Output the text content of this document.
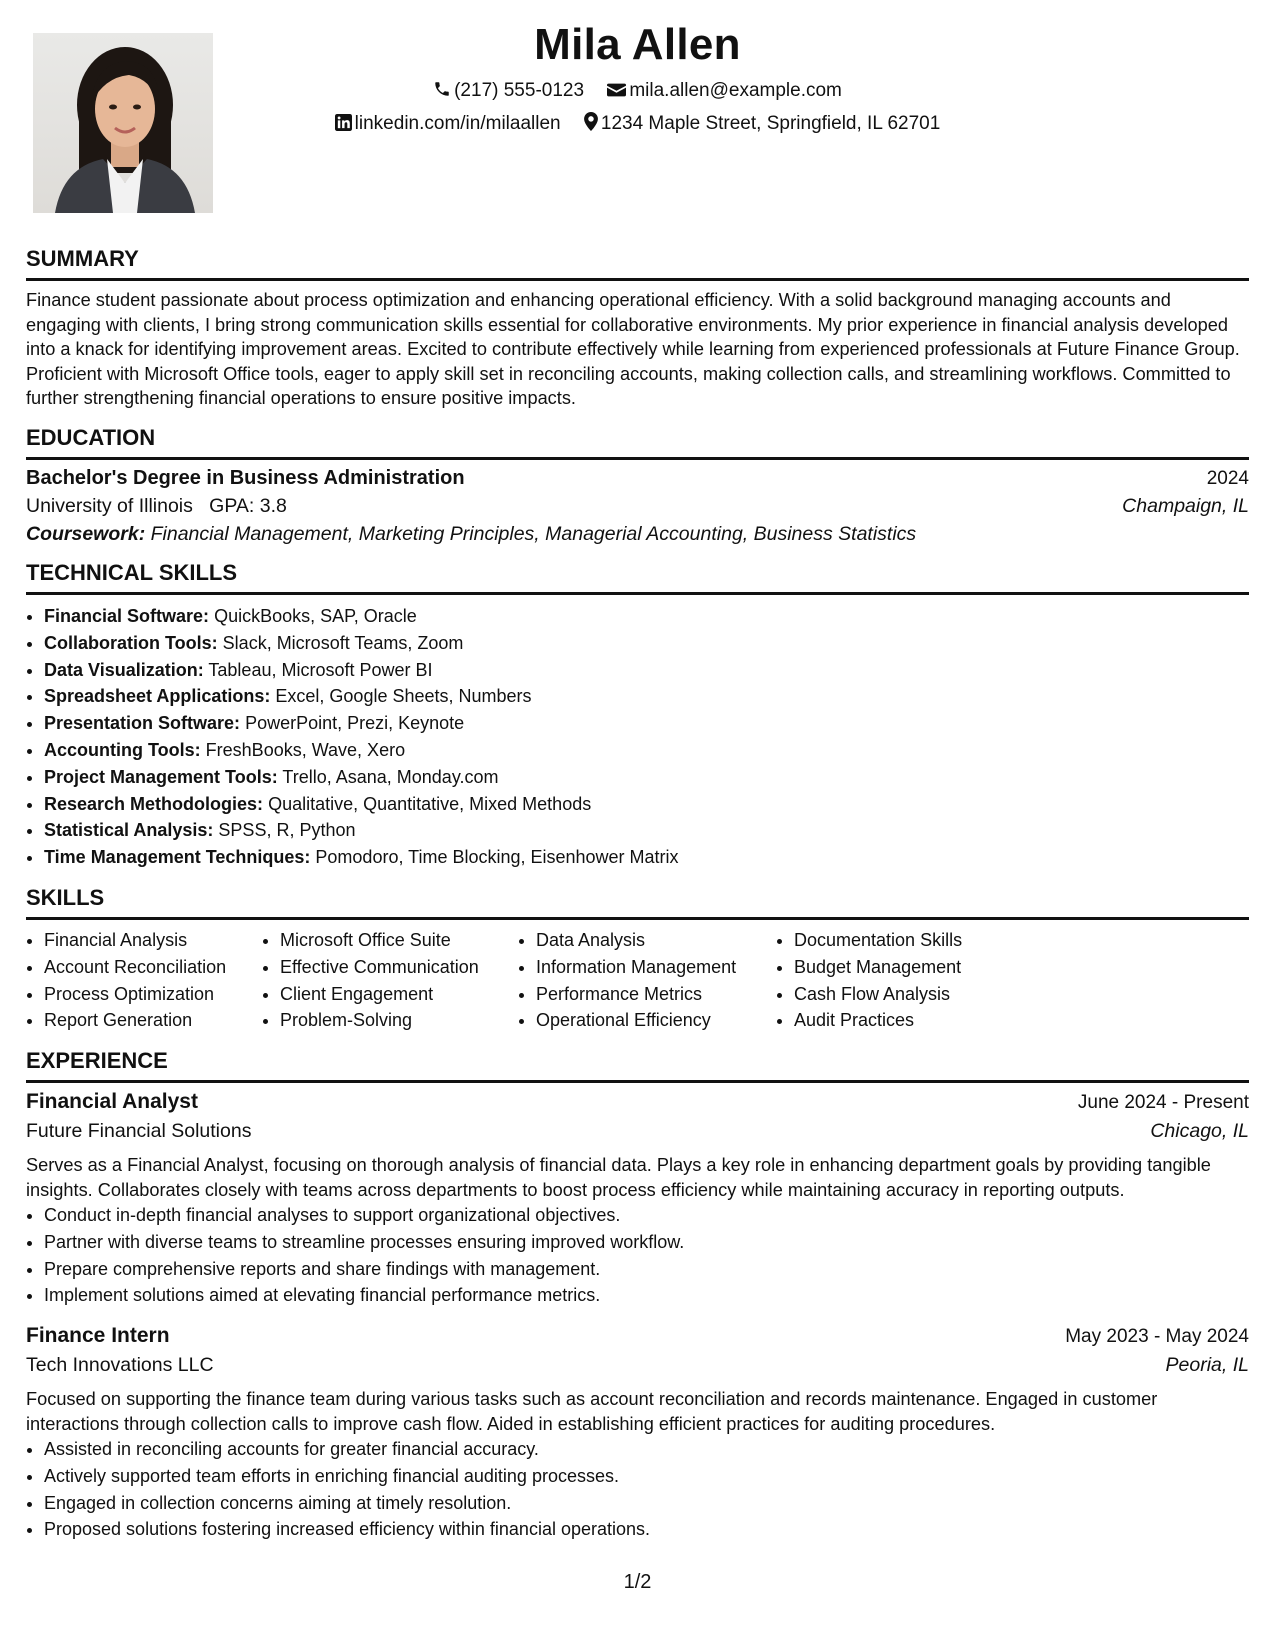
Mila Allen
(217) 555-0123 mila.allen@example.com
linkedin.com/in/milaallen 1234 Maple Street, Springfield, IL 62701
SUMMARY
Finance student passionate about process optimization and enhancing operational efficiency. With a solid background managing accounts and engaging with clients, I bring strong communication skills essential for collaborative environments. My prior experience in financial analysis developed into a knack for identifying improvement areas. Excited to contribute effectively while learning from experienced professionals at Future Finance Group. Proficient with Microsoft Office tools, eager to apply skill set in reconciling accounts, making collection calls, and streamlining workflows. Committed to further strengthening financial operations to ensure positive impacts.
EDUCATION
Bachelor's Degree in Business Administration	2024
University of Illinois GPA: 3.8	Champaign, IL
Coursework: Financial Management, Marketing Principles, Managerial Accounting, Business Statistics
TECHNICAL SKILLS
• Financial Software: QuickBooks, SAP, Oracle
• Collaboration Tools: Slack, Microsoft Teams, Zoom
• Data Visualization: Tableau, Microsoft Power BI
• Spreadsheet Applications: Excel, Google Sheets, Numbers
• Presentation Software: PowerPoint, Prezi, Keynote
• Accounting Tools: FreshBooks, Wave, Xero
• Project Management Tools: Trello, Asana, Monday.com
• Research Methodologies: Qualitative, Quantitative, Mixed Methods
• Statistical Analysis: SPSS, R, Python
• Time Management Techniques: Pomodoro, Time Blocking, Eisenhower Matrix
SKILLS
• Financial Analysis
• Account Reconciliation
• Process Optimization
• Report Generation
• Microsoft Office Suite
• Effective Communication
• Client Engagement
• Problem-Solving
• Data Analysis
• Information Management
• Performance Metrics
• Operational Efficiency
• Documentation Skills
• Budget Management
• Cash Flow Analysis
• Audit Practices
EXPERIENCE
Financial Analyst	June 2024 - Present
Future Financial Solutions	Chicago, IL
Serves as a Financial Analyst, focusing on thorough analysis of financial data. Plays a key role in enhancing department goals by providing tangible insights. Collaborates closely with teams across departments to boost process efficiency while maintaining accuracy in reporting outputs.
• Conduct in-depth financial analyses to support organizational objectives.
• Partner with diverse teams to streamline processes ensuring improved workflow.
• Prepare comprehensive reports and share findings with management.
• Implement solutions aimed at elevating financial performance metrics.
Finance Intern	May 2023 - May 2024
Tech Innovations LLC	Peoria, IL
Focused on supporting the finance team during various tasks such as account reconciliation and records maintenance. Engaged in customer interactions through collection calls to improve cash flow. Aided in establishing efficient practices for auditing procedures.
• Assisted in reconciling accounts for greater financial accuracy.
• Actively supported team efforts in enriching financial auditing processes.
• Engaged in collection concerns aiming at timely resolution.
• Proposed solutions fostering increased efficiency within financial operations.
1/2
